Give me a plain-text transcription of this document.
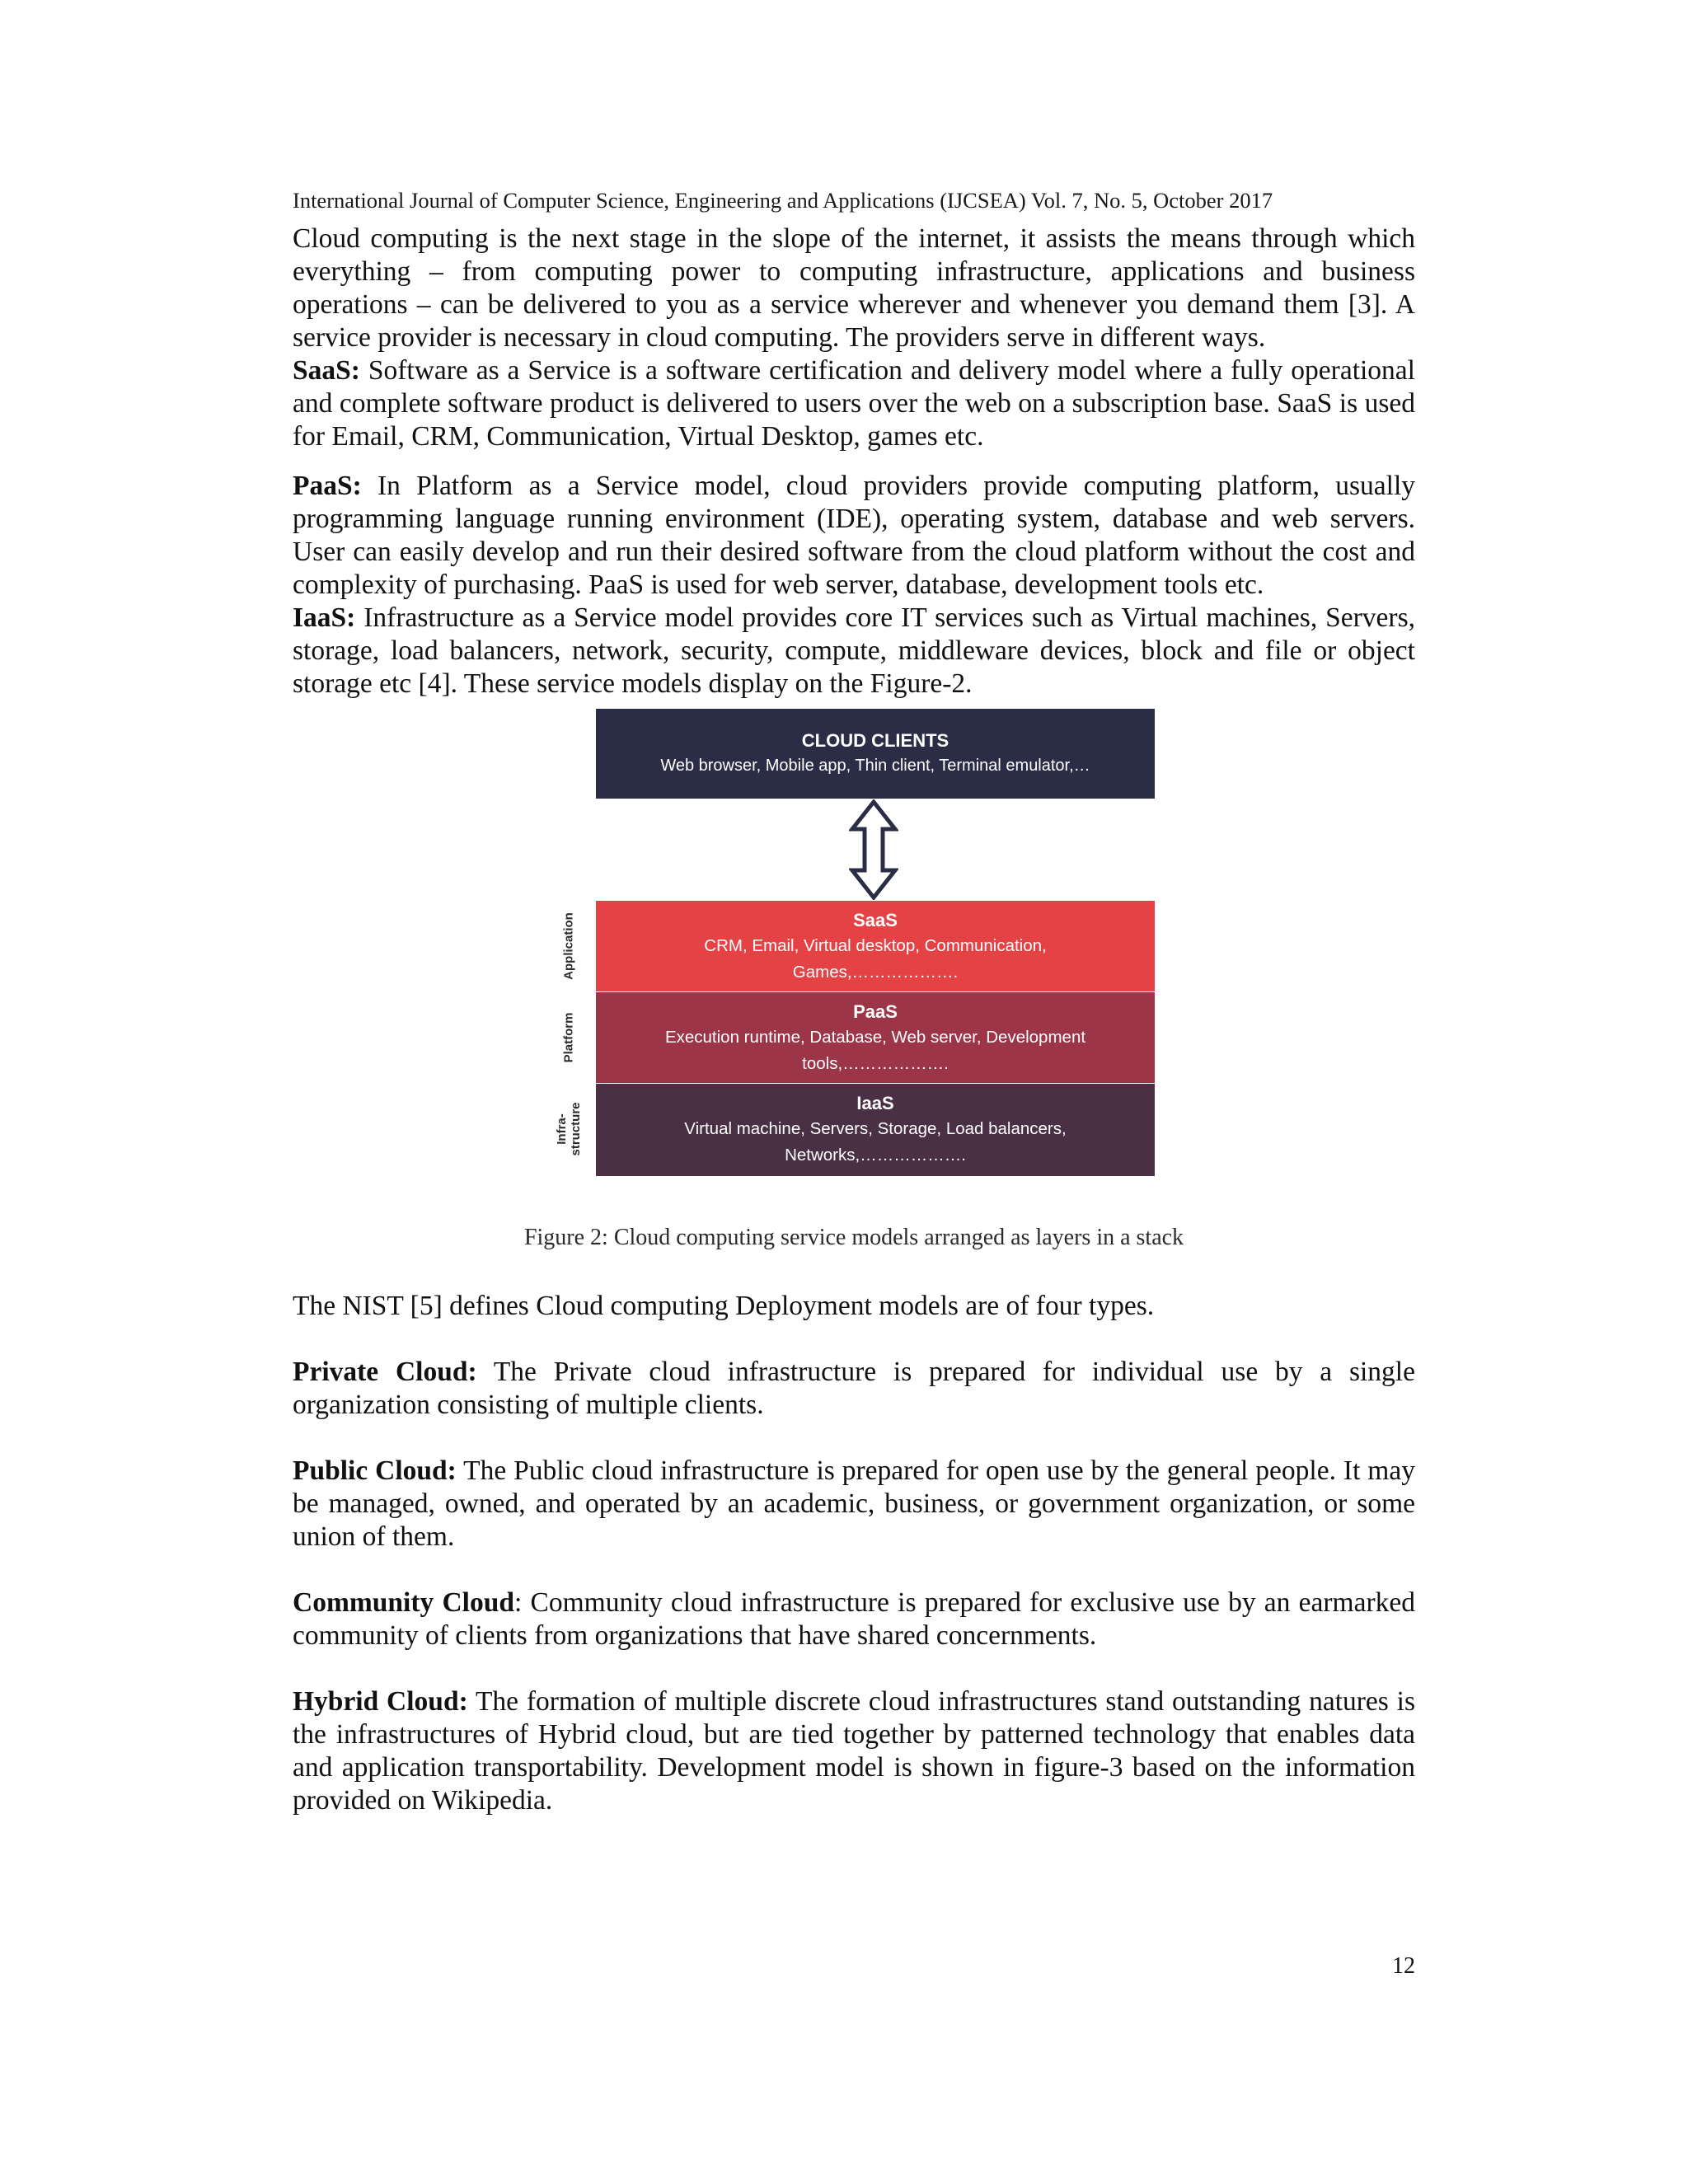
International Journal of Computer Science, Engineering and Applications (IJCSEA) Vol. 7, No. 5, October 2017

Cloud computing is the next stage in the slope of the internet, it assists the means through which everything – from computing power to computing infrastructure, applications and business operations – can be delivered to you as a service wherever and whenever you demand them [3]. A service provider is necessary in cloud computing. The providers serve in different ways.

SaaS: Software as a Service is a software certification and delivery model where a fully operational and complete software product is delivered to users over the web on a subscription base. SaaS is used for Email, CRM, Communication, Virtual Desktop, games etc.

PaaS: In Platform as a Service model, cloud providers provide computing platform, usually programming language running environment (IDE), operating system, database and web servers. User can easily develop and run their desired software from the cloud platform without the cost and complexity of purchasing. PaaS is used for web server, database, development tools etc.

IaaS: Infrastructure as a Service model provides core IT services such as Virtual machines, Servers, storage, load balancers, network, security, compute, middleware devices, block and file or object storage etc [4]. These service models display on the Figure-2.

CLOUD CLIENTS
Web browser, Mobile app, Thin client, Terminal emulator,…
Application
Platform
Infra-
structure
SaaS
CRM, Email, Virtual desktop, Communication, Games,……………….
PaaS
Execution runtime, Database, Web server, Development tools,……………….
IaaS
Virtual machine, Servers, Storage, Load balancers, Networks,……………….
Figure 2: Cloud computing service models arranged as layers in a stack

The NIST [5] defines Cloud computing Deployment models are of four types.

Private Cloud: The Private cloud infrastructure is prepared for individual use by a single organization consisting of multiple clients.

Public Cloud: The Public cloud infrastructure is prepared for open use by the general people. It may be managed, owned, and operated by an academic, business, or government organization, or some union of them.

Community Cloud: Community cloud infrastructure is prepared for exclusive use by an earmarked community of clients from organizations that have shared concernments.

Hybrid Cloud: The formation of multiple discrete cloud infrastructures stand outstanding natures is the infrastructures of Hybrid cloud, but are tied together by patterned technology that enables data and application transportability. Development model is shown in figure-3 based on the information provided on Wikipedia.

12
